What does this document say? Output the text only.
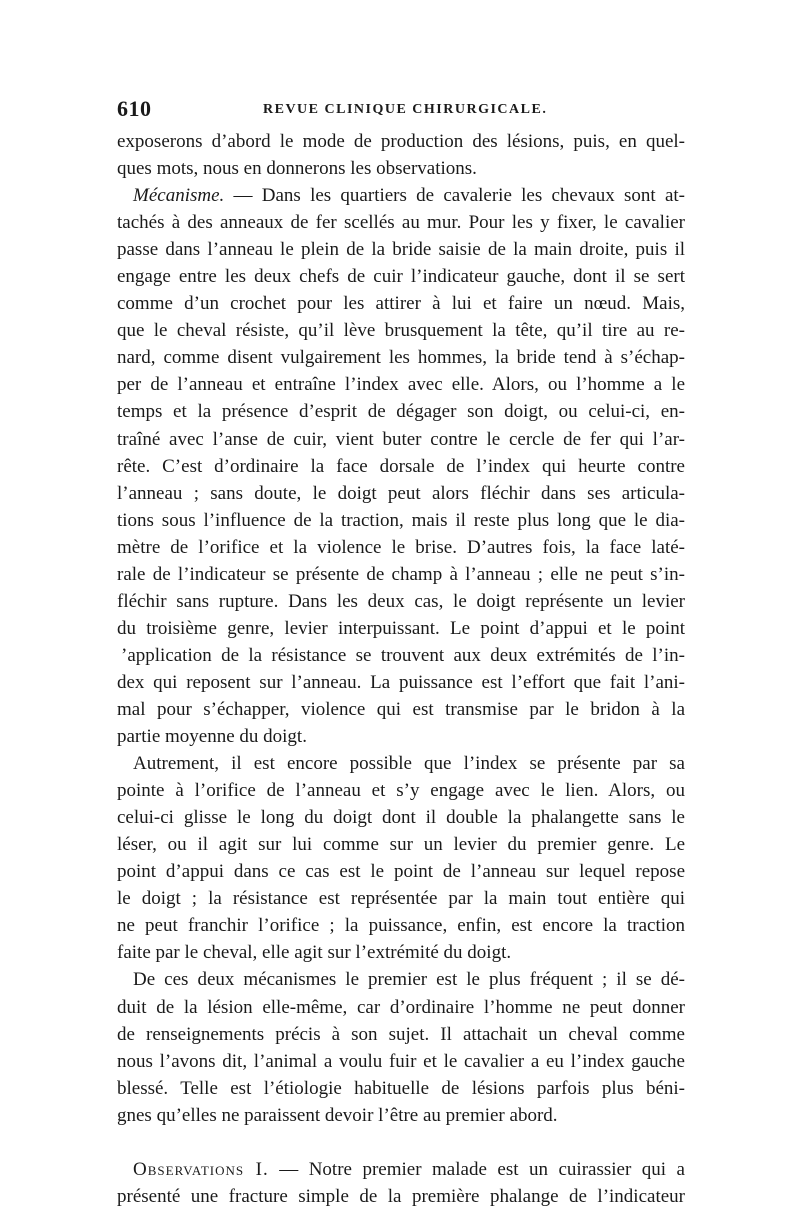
610	REVUE CLINIQUE CHIRURGICALE.
exposerons d’abord le mode de production des lésions, puis, en quel-
ques mots, nous en donnerons les observations.
Mécanisme. — Dans les quartiers de cavalerie les chevaux sont at-
tachés à des anneaux de fer scellés au mur. Pour les y fixer, le cavalier
passe dans l’anneau le plein de la bride saisie de la main droite, puis il
engage entre les deux chefs de cuir l’indicateur gauche, dont il se sert
comme d’un crochet pour les attirer à lui et faire un nœud. Mais,
que le cheval résiste, qu’il lève brusquement la tête, qu’il tire au re-
nard, comme disent vulgairement les hommes, la bride tend à s’échap-
per de l’anneau et entraîne l’index avec elle. Alors, ou l’homme a le
temps et la présence d’esprit de dégager son doigt, ou celui-ci, en-
traîné avec l’anse de cuir, vient buter contre le cercle de fer qui l’ar-
rête. C’est d’ordinaire la face dorsale de l’index qui heurte contre
l’anneau ; sans doute, le doigt peut alors fléchir dans ses articula-
tions sous l’influence de la traction, mais il reste plus long que le dia-
mètre de l’orifice et la violence le brise. D’autres fois, la face laté-
rale de l’indicateur se présente de champ à l’anneau ; elle ne peut s’in-
fléchir sans rupture. Dans les deux cas, le doigt représente un levier
du troisième genre, levier interpuissant. Le point d’appui et le point
’application de la résistance se trouvent aux deux extrémités de l’in-
dex qui reposent sur l’anneau. La puissance est l’effort que fait l’ani-
mal pour s’échapper, violence qui est transmise par le bridon à la
partie moyenne du doigt.
Autrement, il est encore possible que l’index se présente par sa
pointe à l’orifice de l’anneau et s’y engage avec le lien. Alors, ou
celui-ci glisse le long du doigt dont il double la phalangette sans le
léser, ou il agit sur lui comme sur un levier du premier genre. Le
point d’appui dans ce cas est le point de l’anneau sur lequel repose
le doigt ; la résistance est représentée par la main tout entière qui
ne peut franchir l’orifice ; la puissance, enfin, est encore la traction
faite par le cheval, elle agit sur l’extrémité du doigt.
De ces deux mécanismes le premier est le plus fréquent ; il se dé-
duit de la lésion elle-même, car d’ordinaire l’homme ne peut donner
de renseignements précis à son sujet. Il attachait un cheval comme
nous l’avons dit, l’animal a voulu fuir et le cavalier a eu l’index gauche
blessé. Telle est l’étiologie habituelle de lésions parfois plus béni-
gnes qu’elles ne paraissent devoir l’être au premier abord.
Observations I. — Notre premier malade est un cuirassier qui a
présenté une fracture simple de la première phalange de l’indicateur
